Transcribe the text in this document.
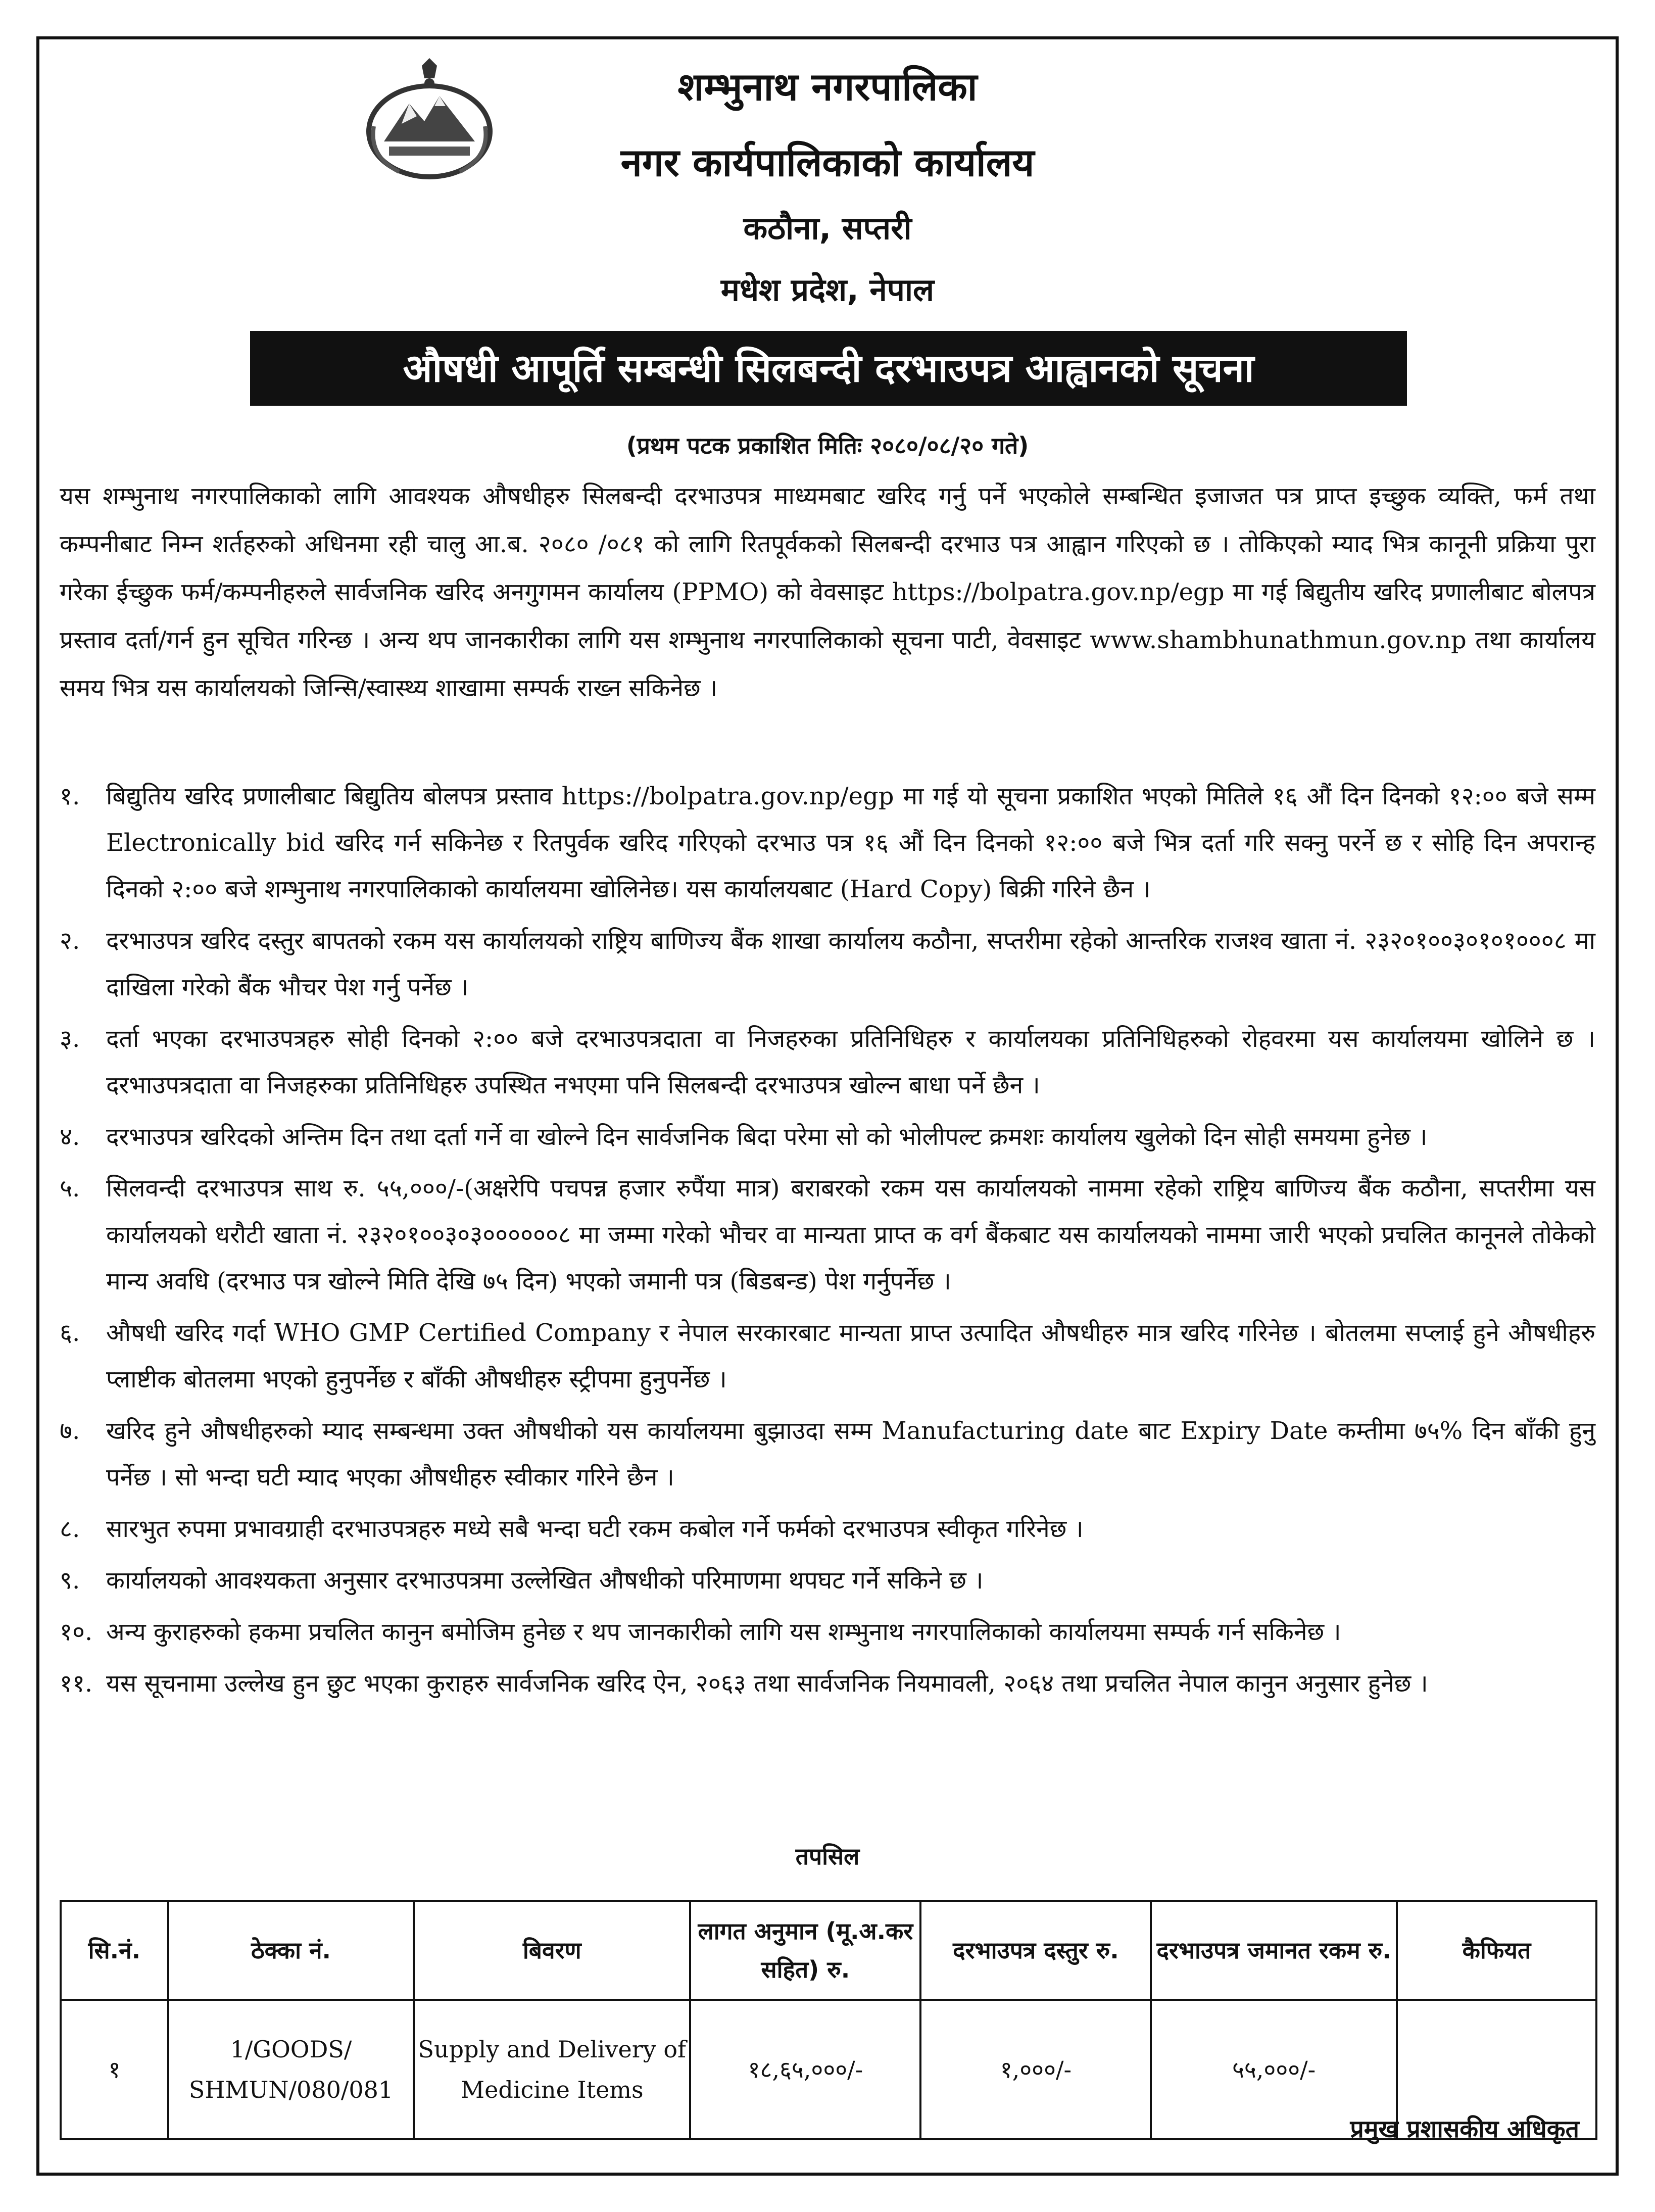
शम्भुनाथ नगरपालिका
नगर कार्यपालिकाको कार्यालय
कठौना, सप्तरी
मधेश प्रदेश, नेपाल
औषधी आपूर्ति सम्बन्धी सिलबन्दी दरभाउपत्र आह्वानको सूचना
(प्रथम पटक प्रकाशित मितिः २०८०/०८/२० गते)
यस शम्भुनाथ नगरपालिकाको लागि आवश्यक औषधीहरु सिलबन्दी दरभाउपत्र माध्यमबाट खरिद गर्नु पर्ने भएकोले सम्बन्धित इजाजत पत्र प्राप्त इच्छुक व्यक्ति, फर्म तथा कम्पनीबाट निम्न शर्तहरुको अधिनमा रही चालु आ.ब. २०८० /०८१ को लागि रितपूर्वकको सिलबन्दी दरभाउ पत्र आह्वान गरिएको छ । तोकिएको म्याद भित्र कानूनी प्रक्रिया पुरा गरेका ईच्छुक फर्म/कम्पनीहरुले सार्वजनिक खरिद अनगुगमन कार्यालय (PPMO) को वेवसाइट https://bolpatra.gov.np/egp मा गई बिद्युतीय खरिद प्रणालीबाट बोलपत्र प्रस्ताव दर्ता/गर्न हुन सूचित गरिन्छ । अन्य थप जानकारीका लागि यस शम्भुनाथ नगरपालिकाको सूचना पाटी, वेवसाइट www.shambhunathmun.gov.np तथा कार्यालय समय भित्र यस कार्यालयको जिन्सि/स्वास्थ्य शाखामा सम्पर्क राख्न सकिनेछ ।
१.	बिद्युतिय खरिद प्रणालीबाट बिद्युतिय बोलपत्र प्रस्ताव https://bolpatra.gov.np/egp मा गई यो सूचना प्रकाशित भएको मितिले १६ औं दिन दिनको १२:०० बजे सम्म Electronically bid खरिद गर्न सकिनेछ र रितपुर्वक खरिद गरिएको दरभाउ पत्र १६ औं दिन दिनको १२:०० बजे भित्र दर्ता गरि सक्नु परर्ने छ र सोहि दिन अपरान्ह दिनको २:०० बजे शम्भुनाथ नगरपालिकाको कार्यालयमा खोलिनेछ। यस कार्यालयबाट (Hard Copy) बिक्री गरिने छैन ।
२.	दरभाउपत्र खरिद दस्तुर बापतको रकम यस कार्यालयको राष्ट्रिय बाणिज्य बैंक शाखा कार्यालय कठौना, सप्तरीमा रहेको आन्तरिक राजश्व खाता नं. २३२०१००३०१०१०००८ मा दाखिला गरेको बैंक भौचर पेश गर्नु पर्नेछ ।
३.	दर्ता भएका दरभाउपत्रहरु सोही दिनको २:०० बजे दरभाउपत्रदाता वा निजहरुका प्रतिनिधिहरु र कार्यालयका प्रतिनिधिहरुको रोहवरमा यस कार्यालयमा खोलिने छ । दरभाउपत्रदाता वा निजहरुका प्रतिनिधिहरु उपस्थित नभएमा पनि सिलबन्दी दरभाउपत्र खोल्न बाधा पर्ने छैन ।
४.	दरभाउपत्र खरिदको अन्तिम दिन तथा दर्ता गर्ने वा खोल्ने दिन सार्वजनिक बिदा परेमा सो को भोलीपल्ट क्रमशः कार्यालय खुलेको दिन सोही समयमा हुनेछ ।
५.	सिलवन्दी दरभाउपत्र साथ रु. ५५,०००/-(अक्षरेपि पचपन्न हजार रुपैंया मात्र) बराबरको रकम यस कार्यालयको नाममा रहेको राष्ट्रिय बाणिज्य बैंक कठौना, सप्तरीमा यस कार्यालयको धरौटी खाता नं. २३२०१००३०३००००००८ मा जम्मा गरेको भौचर वा मान्यता प्राप्त क वर्ग बैंकबाट यस कार्यालयको नाममा जारी भएको प्रचलित कानूनले तोकेको मान्य अवधि (दरभाउ पत्र खोल्ने मिति देखि ७५ दिन) भएको जमानी पत्र (बिडबन्ड) पेश गर्नुपर्नेछ ।
६.	औषधी खरिद गर्दा WHO GMP Certified Company र नेपाल सरकारबाट मान्यता प्राप्त उत्पादित औषधीहरु मात्र खरिद गरिनेछ । बोतलमा सप्लाई हुने औषधीहरु प्लाष्टीक बोतलमा भएको हुनुपर्नेछ र बाँकी औषधीहरु स्ट्रीपमा हुनुपर्नेछ ।
७.	खरिद हुने औषधीहरुको म्याद सम्बन्धमा उक्त औषधीको यस कार्यालयमा बुझाउदा सम्म Manufacturing date बाट Expiry Date कम्तीमा ७५% दिन बाँकी हुनु पर्नेछ । सो भन्दा घटी म्याद भएका औषधीहरु स्वीकार गरिने छैन ।
८.	सारभुत रुपमा प्रभावग्राही दरभाउपत्रहरु मध्ये सबै भन्दा घटी रकम कबोल गर्ने फर्मको दरभाउपत्र स्वीकृत गरिनेछ ।
९.	कार्यालयको आवश्यकता अनुसार दरभाउपत्रमा उल्लेखित औषधीको परिमाणमा थपघट गर्ने सकिने छ ।
१०. अन्य कुराहरुको हकमा प्रचलित कानुन बमोजिम हुनेछ र थप जानकारीको लागि यस शम्भुनाथ नगरपालिकाको कार्यालयमा सम्पर्क गर्न सकिनेछ ।
११. यस सूचनामा उल्लेख हुन छुट भएका कुराहरु सार्वजनिक खरिद ऐन, २०६३ तथा सार्वजनिक नियमावली, २०६४ तथा प्रचलित नेपाल कानुन अनुसार हुनेछ ।
तपसिल
सि.नं.	ठेक्का नं.	बिवरण	लागत अनुमान (मू.अ.कर सहित) रु.	दरभाउपत्र दस्तुर रु.	दरभाउपत्र जमानत रकम रु.	कैफियत
१	1/GOODS/ SHMUN/080/081	Supply and Delivery of Medicine Items	१८,६५,०००/-	१,०००/-	५५,०००/-	
प्रमुख प्रशासकीय अधिकृत
